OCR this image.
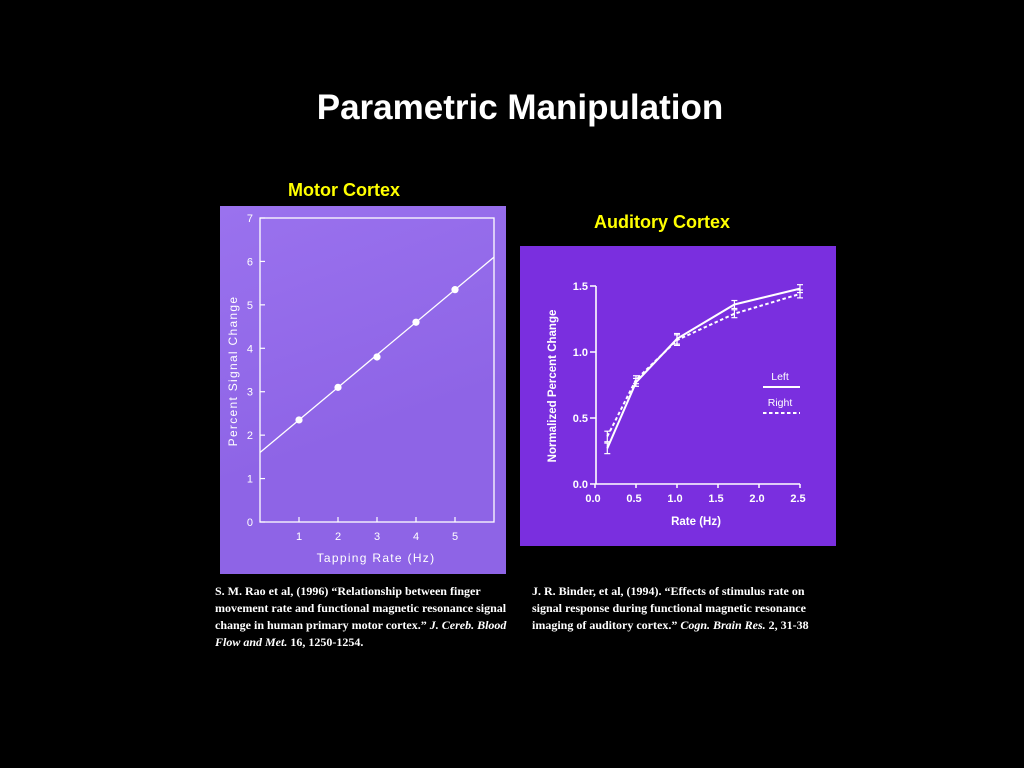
Parametric Manipulation
Motor Cortex
0
1
2
3
4
5
6
7
1	2	3	4	5
Tapping Rate (Hz)
Percent Signal Change
Auditory Cortex
0.0
0.5
1.0
1.5
0.0 0.5 1.0 1.5 2.0 2.5
Rate (Hz)
Normalized Percent Change	Left
Right
S. M. Rao et al, (1996) “Relationship between finger movement rate and functional magnetic resonance signal change in human primary motor cortex.” J. Cereb. Blood Flow and Met. 16, 1250-1254.
J. R. Binder, et al, (1994). “Effects of stimulus rate on signal response during functional magnetic resonance imaging of auditory cortex.” Cogn. Brain Res. 2, 31-38
